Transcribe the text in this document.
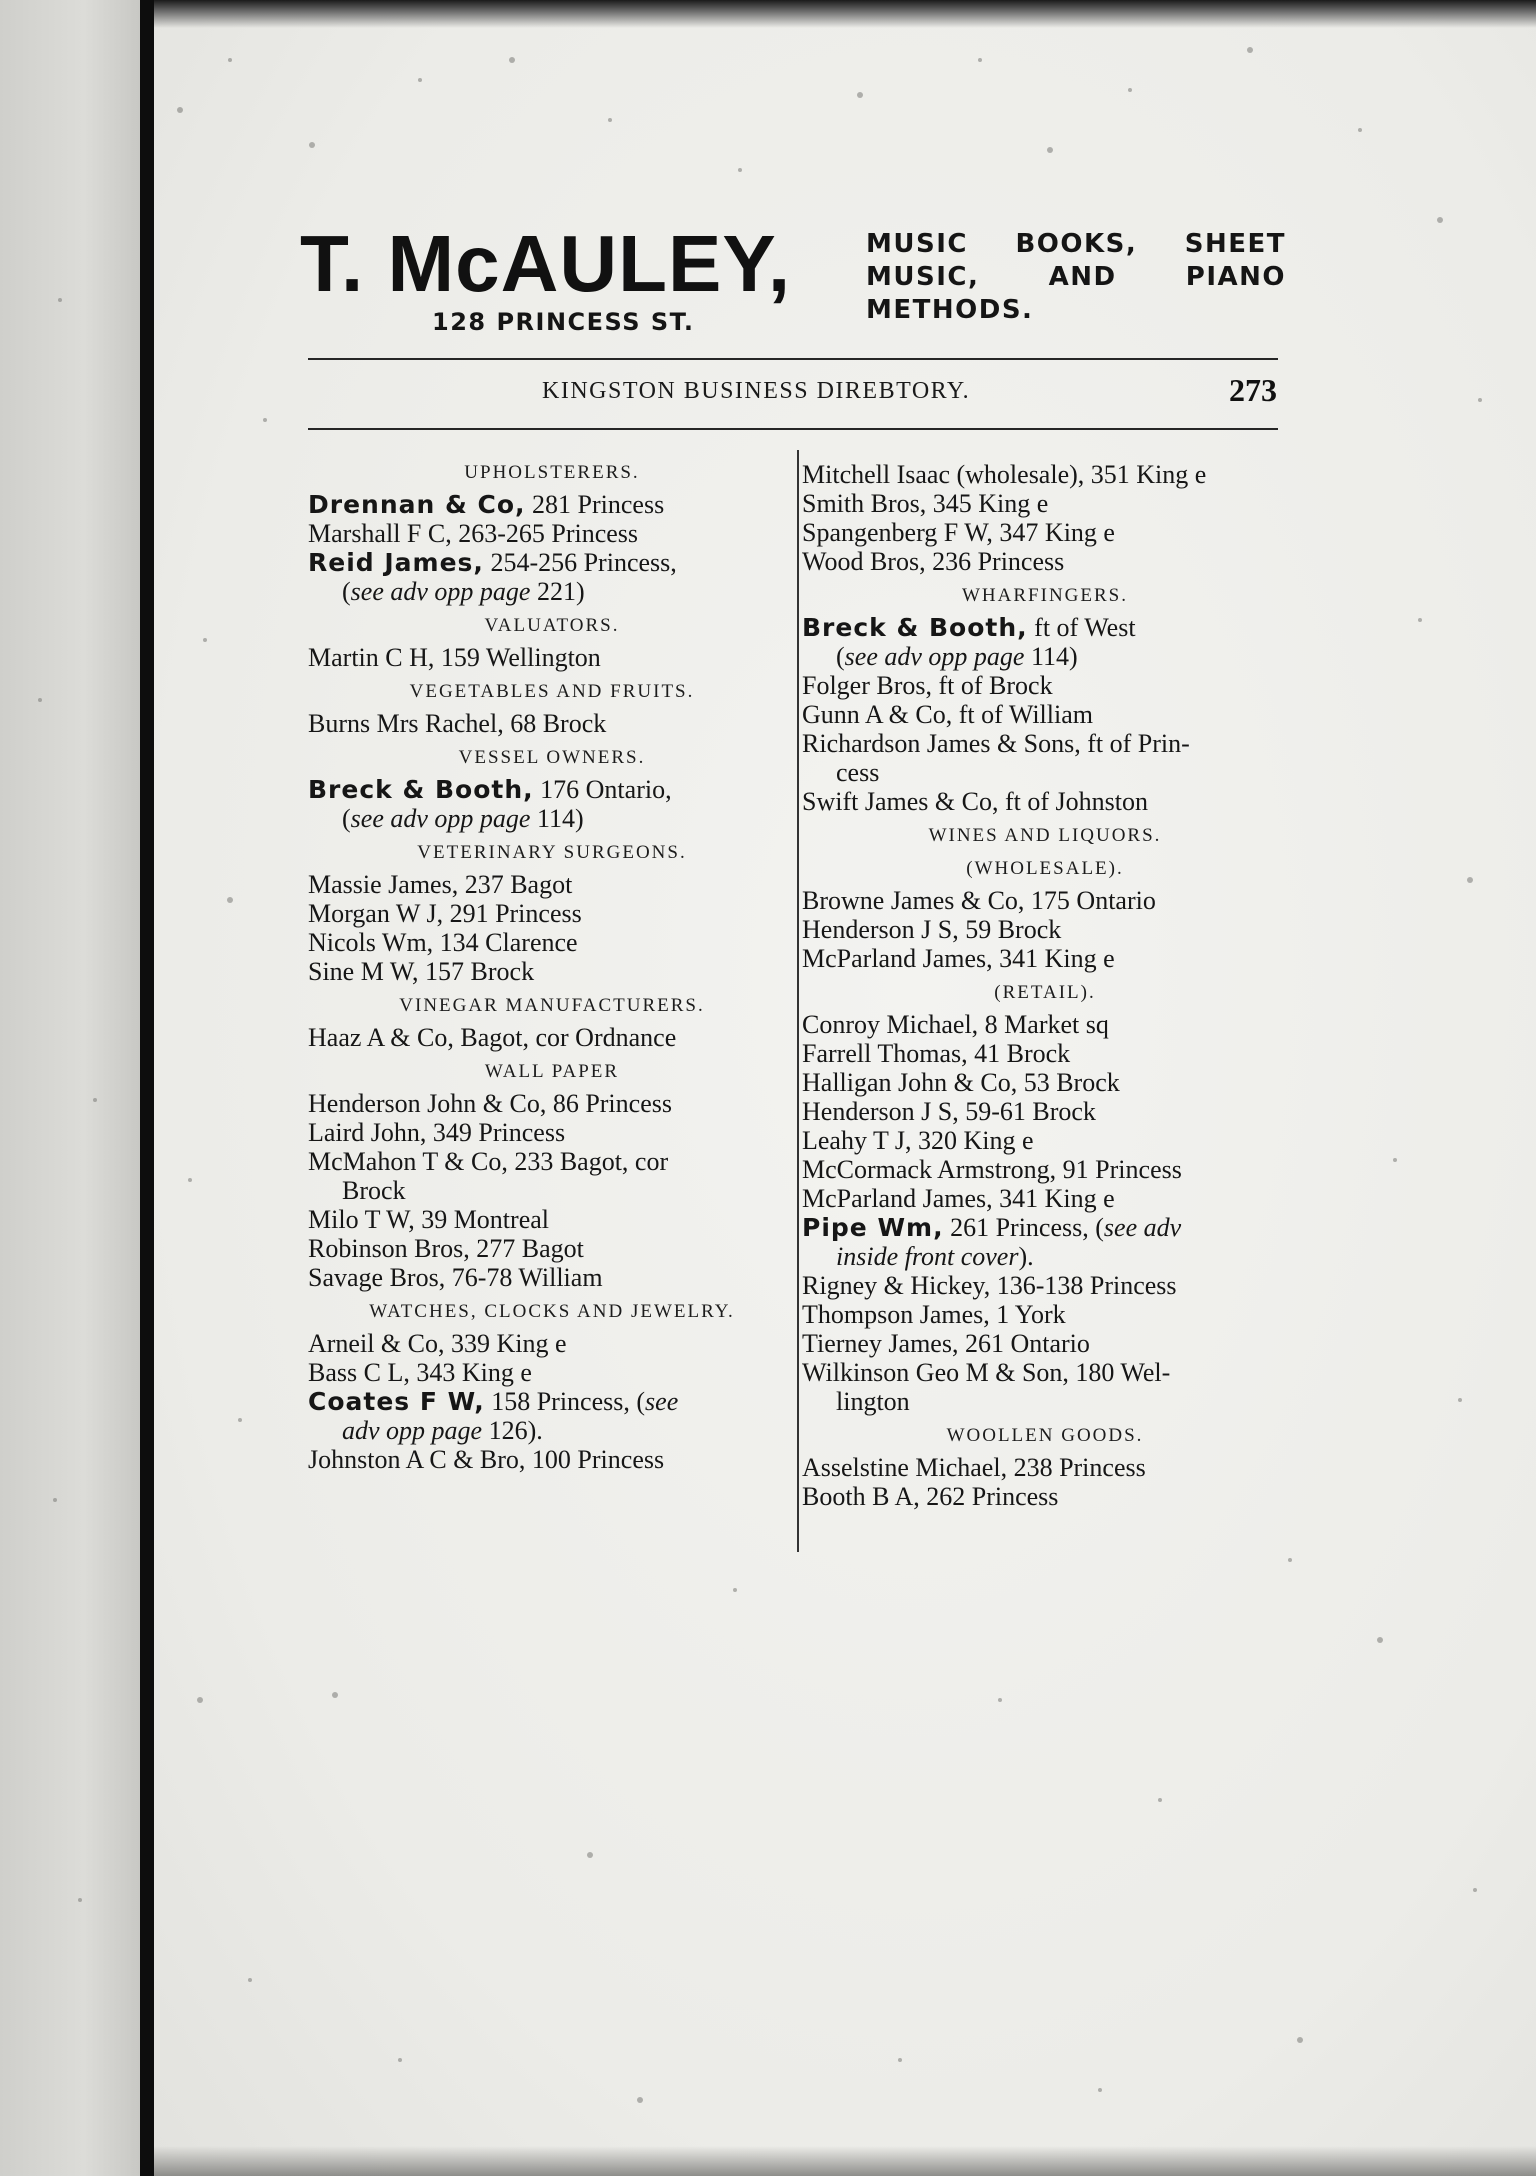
T. McAULEY,
128 PRINCESS ST.
MUSIC BOOKS, SHEET MUSIC, AND PIANO METHODS.
KINGSTON BUSINESS DIREBTORY.	273
UPHOLSTERERS.
Drennan & Co, 281 Princess
Marshall F C, 263-265 Princess
Reid James, 254-256 Princess,
(see adv opp page 221)
VALUATORS.
Martin C H, 159 Wellington
VEGETABLES AND FRUITS.
Burns Mrs Rachel, 68 Brock
VESSEL OWNERS.
Breck & Booth, 176 Ontario,
(see adv opp page 114)
VETERINARY SURGEONS.
Massie James, 237 Bagot
Morgan W J, 291 Princess
Nicols Wm, 134 Clarence
Sine M W, 157 Brock
VINEGAR MANUFACTURERS.
Haaz A & Co, Bagot, cor Ordnance
WALL PAPER
Henderson John & Co, 86 Princess
Laird John, 349 Princess
McMahon T & Co, 233 Bagot, cor
Brock
Milo T W, 39 Montreal
Robinson Bros, 277 Bagot
Savage Bros, 76-78 William
WATCHES, CLOCKS AND JEWELRY.
Arneil & Co, 339 King e
Bass C L, 343 King e
Coates F W, 158 Princess, (see
adv opp page 126).
Johnston A C & Bro, 100 Princess
Mitchell Isaac (wholesale), 351 King e
Smith Bros, 345 King e
Spangenberg F W, 347 King e
Wood Bros, 236 Princess
WHARFINGERS.
Breck & Booth, ft of West
(see adv opp page 114)
Folger Bros, ft of Brock
Gunn A & Co, ft of William
Richardson James & Sons, ft of Prin-
cess
Swift James & Co, ft of Johnston
WINES AND LIQUORS.
(WHOLESALE).
Browne James & Co, 175 Ontario
Henderson J S, 59 Brock
McParland James, 341 King e
(RETAIL).
Conroy Michael, 8 Market sq
Farrell Thomas, 41 Brock
Halligan John & Co, 53 Brock
Henderson J S, 59-61 Brock
Leahy T J, 320 King e
McCormack Armstrong, 91 Princess
McParland James, 341 King e
Pipe Wm, 261 Princess, (see adv
inside front cover).
Rigney & Hickey, 136-138 Princess
Thompson James, 1 York
Tierney James, 261 Ontario
Wilkinson Geo M & Son, 180 Wel-
lington
WOOLLEN GOODS.
Asselstine Michael, 238 Princess
Booth B A, 262 Princess
